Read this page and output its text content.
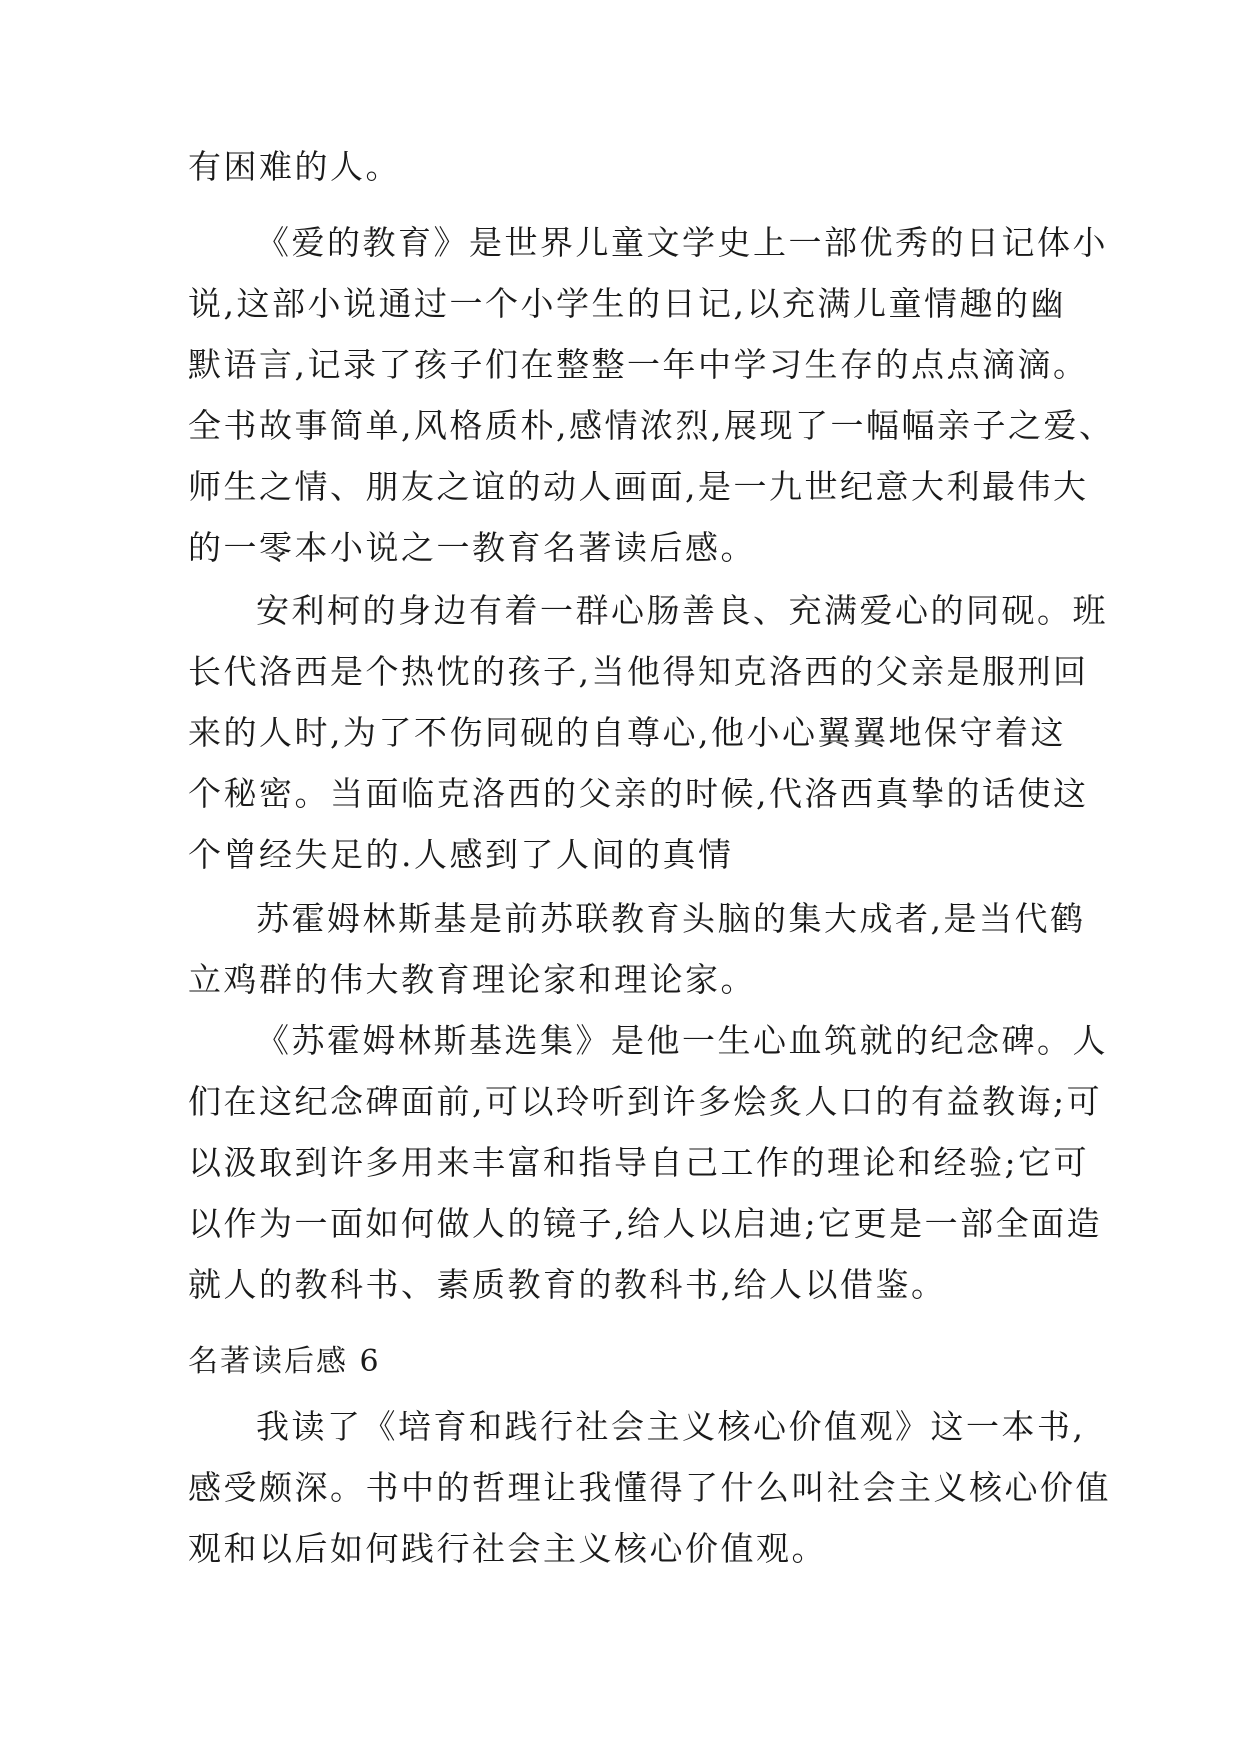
有困难的人。
《爱的教育》是世界儿童文学史上一部优秀的日记体小
说,这部小说通过一个小学生的日记,以充满儿童情趣的幽
默语言,记录了孩子们在整整一年中学习生存的点点滴滴。
全书故事简单,风格质朴,感情浓烈,展现了一幅幅亲子之爱、
师生之情、朋友之谊的动人画面,是一九世纪意大利最伟大
的一零本小说之一教育名著读后感。
安利柯的身边有着一群心肠善良、充满爱心的同砚。班
长代洛西是个热忱的孩子,当他得知克洛西的父亲是服刑回
来的人时,为了不伤同砚的自尊心,他小心翼翼地保守着这
个秘密。当面临克洛西的父亲的时候,代洛西真挚的话使这
个曾经失足的.人感到了人间的真情
苏霍姆林斯基是前苏联教育头脑的集大成者,是当代鹤
立鸡群的伟大教育理论家和理论家。
《苏霍姆林斯基选集》是他一生心血筑就的纪念碑。人
们在这纪念碑面前,可以玲听到许多烩炙人口的有益教诲;可
以汲取到许多用来丰富和指导自己工作的理论和经验;它可
以作为一面如何做人的镜子,给人以启迪;它更是一部全面造
就人的教科书、素质教育的教科书,给人以借鉴。
名著读后感 6
我读了《培育和践行社会主义核心价值观》这一本书,
感受颇深。书中的哲理让我懂得了什么叫社会主义核心价值
观和以后如何践行社会主义核心价值观。
